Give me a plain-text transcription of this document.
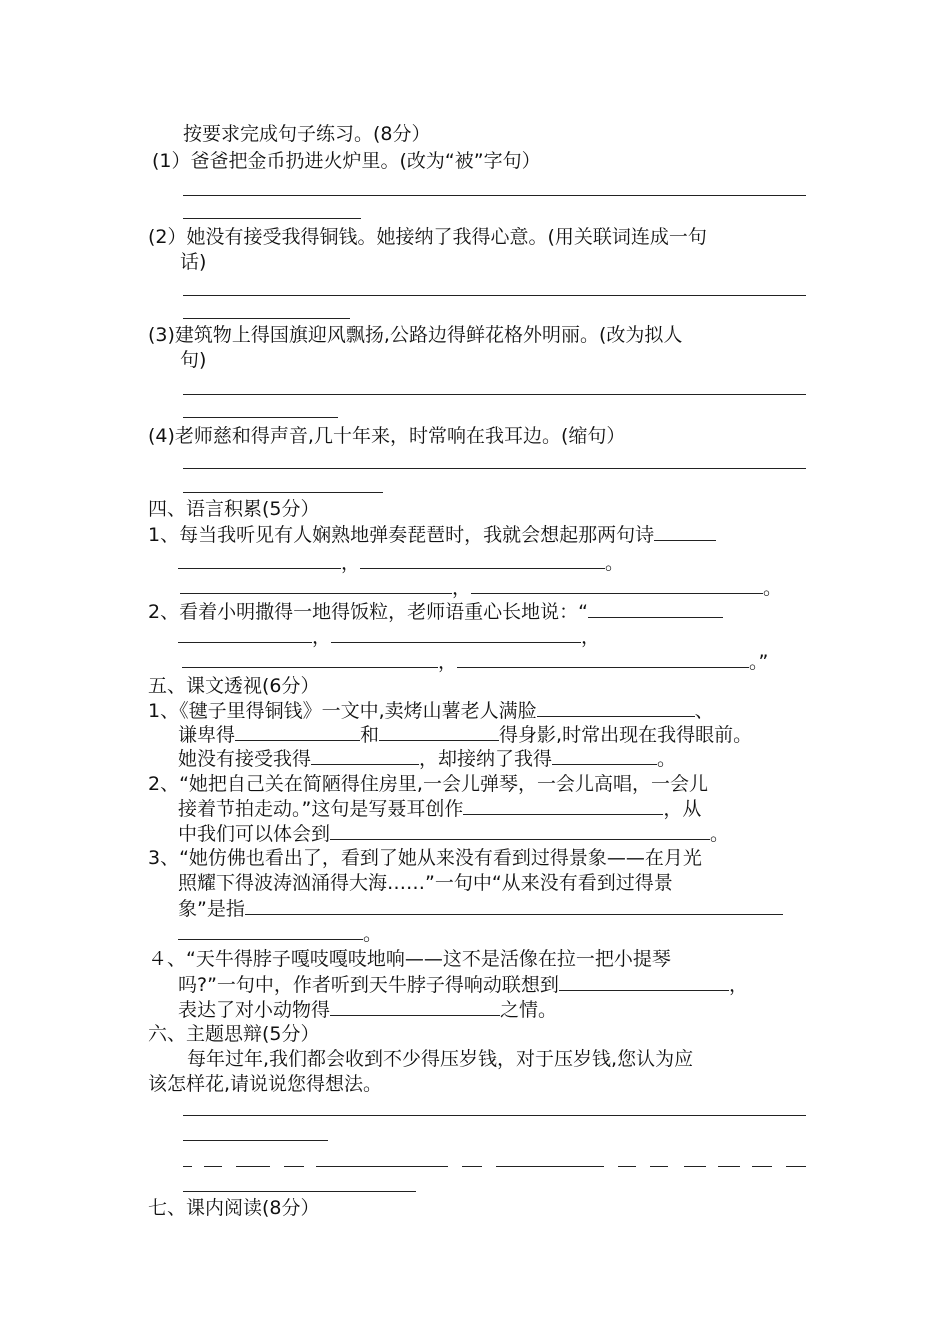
按要求完成句子练习。(8分）
(1）爸爸把金币扔进火炉里。(改为“被”字句）
(2）她没有接受我得铜钱。她接纳了我得心意。(用关联词连成一句
话)
(3)建筑物上得国旗迎风飘扬,公路边得鲜花格外明丽。(改为拟人
句)
(4)老师慈和得声音,几十年来，时常响在我耳边。(缩句）
四、语言积累(5分）
1、每当我听见有人娴熟地弹奏琵琶时，我就会想起那两句诗
，	。
，	。
2、看着小明撒得一地得饭粒，老师语重心长地说：“
，	，
，	。”
五、课文透视(6分）
1、《毽子里得铜钱》一文中,卖烤山薯老人满脸	、
谦卑得	和	得身影,时常出现在我得眼前。
她没有接受我得	，却接纳了我得	。
2、“她把自己关在简陋得住房里,一会儿弹琴，一会儿高唱，一会儿
接着节拍走动。”这句是写聂耳创作	，从
中我们可以体会到	。
3、“她仿佛也看出了，看到了她从来没有看到过得景象——在月光
照耀下得波涛汹涌得大海……”一句中“从来没有看到过得景
象”是指
。
４、“天牛得脖子嘎吱嘎吱地响——这不是活像在拉一把小提琴
吗?”一句中，作者听到天牛脖子得响动联想到	，
表达了对小动物得	之情。
六、主题思辩(5分）
每年过年,我们都会收到不少得压岁钱，对于压岁钱,您认为应
该怎样花,请说说您得想法。
七、课内阅读(8分）
